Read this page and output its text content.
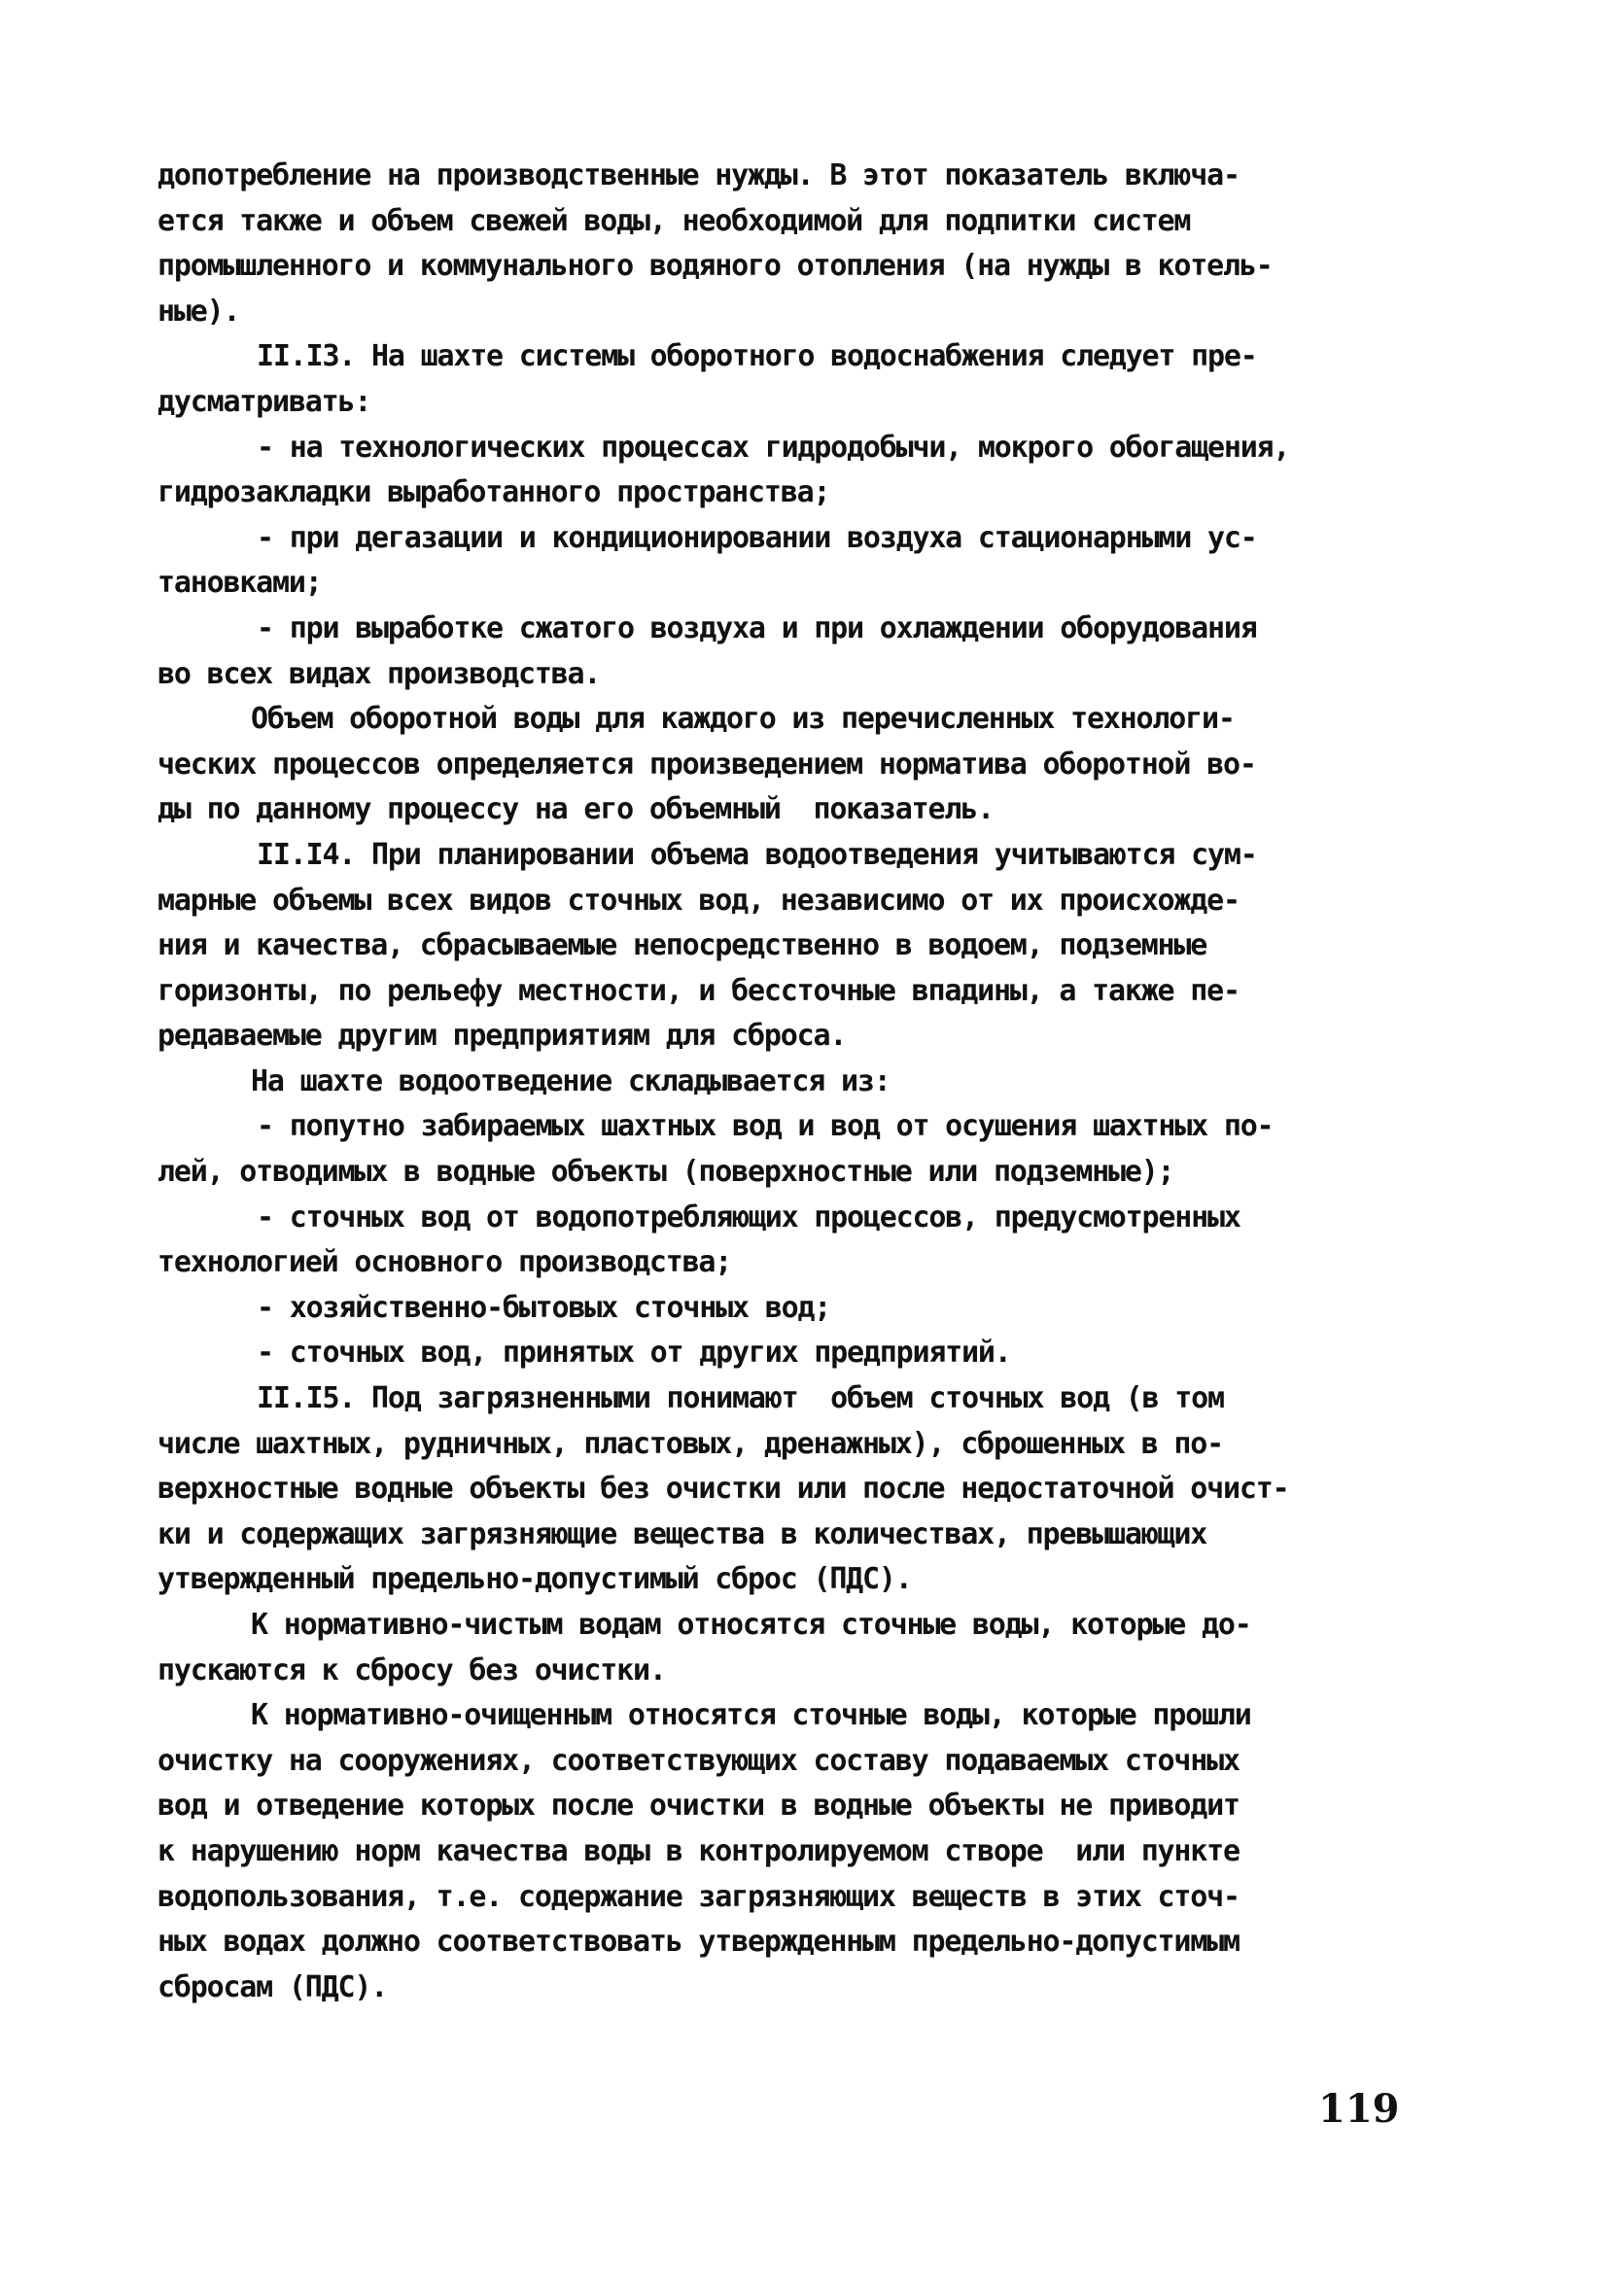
допотребление на производственные нужды. В этот показатель включа-
ется также и объем свежей воды, необходимой для подпитки систем
промышленного и коммунального водяного отопления (на нужды в котель-
ные).
II.I3. На шахте системы оборотного водоснабжения следует пре-
дусматривать:
- на технологических процессах гидродобычи, мокрого обогащения,
гидрозакладки выработанного пространства;
- при дегазации и кондиционировании воздуха стационарными ус-
тановками;
- при выработке сжатого воздуха и при охлаждении оборудования
во всех видах производства.
Объем оборотной воды для каждого из перечисленных технологи-
ческих процессов определяется произведением норматива оборотной во-
ды по данному процессу на его объемный  показатель.
II.I4. При планировании объема водоотведения учитываются сум-
марные объемы всех видов сточных вод, независимо от их происхожде-
ния и качества, сбрасываемые непосредственно в водоем, подземные
горизонты, по рельефу местности, и бессточные впадины, а также пе-
редаваемые другим предприятиям для сброса.
На шахте водоотведение складывается из:
- попутно забираемых шахтных вод и вод от осушения шахтных по-
лей, отводимых в водные объекты (поверхностные или подземные);
- сточных вод от водопотребляющих процессов, предусмотренных
технологией основного производства;
- хозяйственно-бытовых сточных вод;
- сточных вод, принятых от других предприятий.
II.I5. Под загрязненными понимают  объем сточных вод (в том
числе шахтных, рудничных, пластовых, дренажных), сброшенных в по-
верхностные водные объекты без очистки или после недостаточной очист-
ки и содержащих загрязняющие вещества в количествах, превышающих
утвержденный предельно-допустимый сброс (ПДС).
К нормативно-чистым водам относятся сточные воды, которые до-
пускаются к сбросу без очистки.
К нормативно-очищенным относятся сточные воды, которые прошли
очистку на сооружениях, соответствующих составу подаваемых сточных
вод и отведение которых после очистки в водные объекты не приводит
к нарушению норм качества воды в контролируемом створе  или пункте
водопользования, т.е. содержание загрязняющих веществ в этих сточ-
ных водах должно соответствовать утвержденным предельно-допустимым
сбросам (ПДС).
119
